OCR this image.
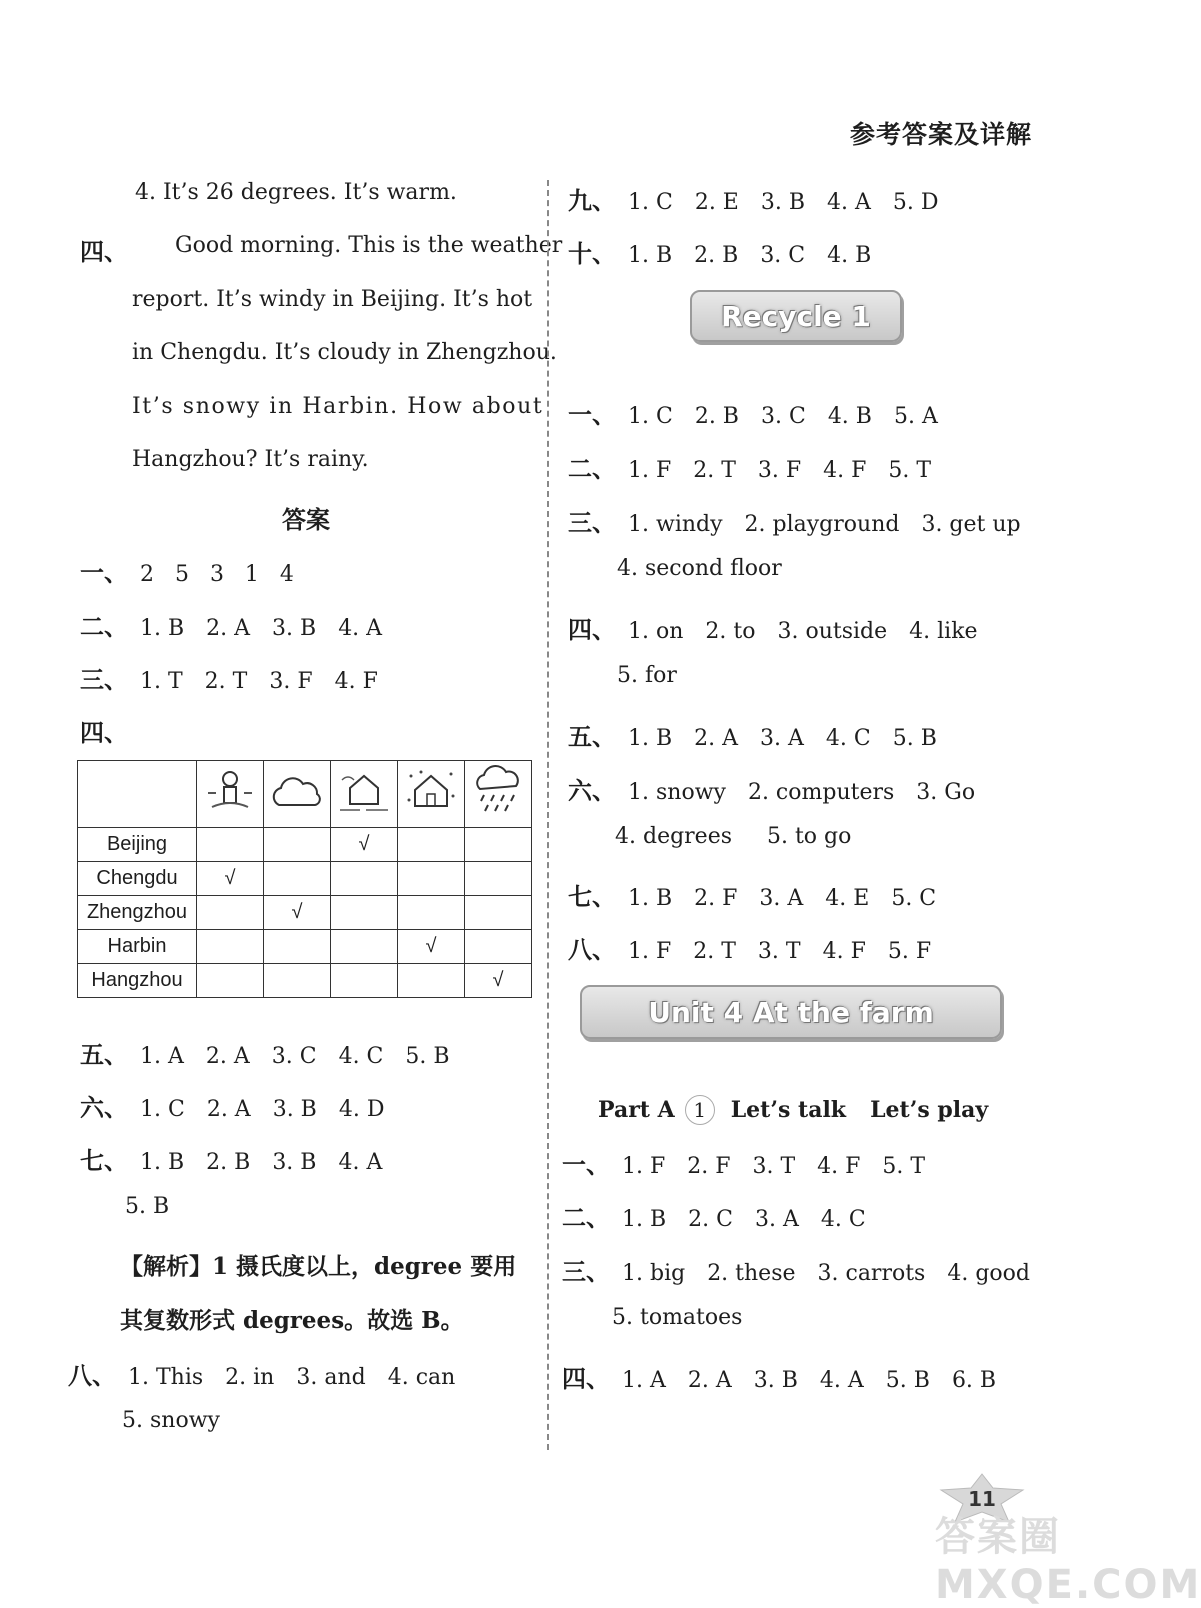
参考答案及详解
4. It’s 26 degrees. It’s warm.
四、 Good morning. This is the weather
report. It’s windy in Beijing. It’s hot
in Chengdu. It’s cloudy in Zhengzhou.
It’s snowy in Harbin. How about
Hangzhou? It’s rainy.
答案
一、 2   5   3   1   4
二、 1. B 2. A 3. B 4. A
三、 1. T 2. T 3. F 4. F
四、

Beijing			√		
Chengdu	√				
Zhengzhou		√			
Harbin				√	
Hangzhou					√
五、 1. A 2. A 3. C 4. C 5. B
六、 1. C 2. A 3. B 4. D
七、 1. B 2. B 3. B 4. A
5. B
【解析】1 摄氏度以上，degree 要用
其复数形式 degrees。故选 B。
八、 1. This 2. in 3. and 4. can
5. snowy
九、 1. C 2. E 3. B 4. A 5. D
十、 1. B 2. B 3. C 4. B
Recycle 1
一、 1. C 2. B 3. C 4. B 5. A
二、 1. F 2. T 3. F 4. F 5. T
三、 1. windy 2. playground 3. get up
4. second floor
四、 1. on 2. to 3. outside 4. like
5. for
五、 1. B 2. A 3. A 4. C 5. B
六、 1. snowy 2. computers 3. Go
4. degrees     5. to go
七、 1. B 2. F 3. A 4. E 5. C
八、 1. F 2. T 3. T 4. F 5. F
Unit 4 At the farm
Part A 1 Let’s talk Let’s play
一、 1. F 2. F 3. T 4. F 5. T
二、 1. B 2. C 3. A 4. C
三、 1. big 2. these 3. carrots 4. good
5. tomatoes
四、 1. A 2. A 3. B 4. A 5. B 6. B
11
答案圈 MXQE.COM
